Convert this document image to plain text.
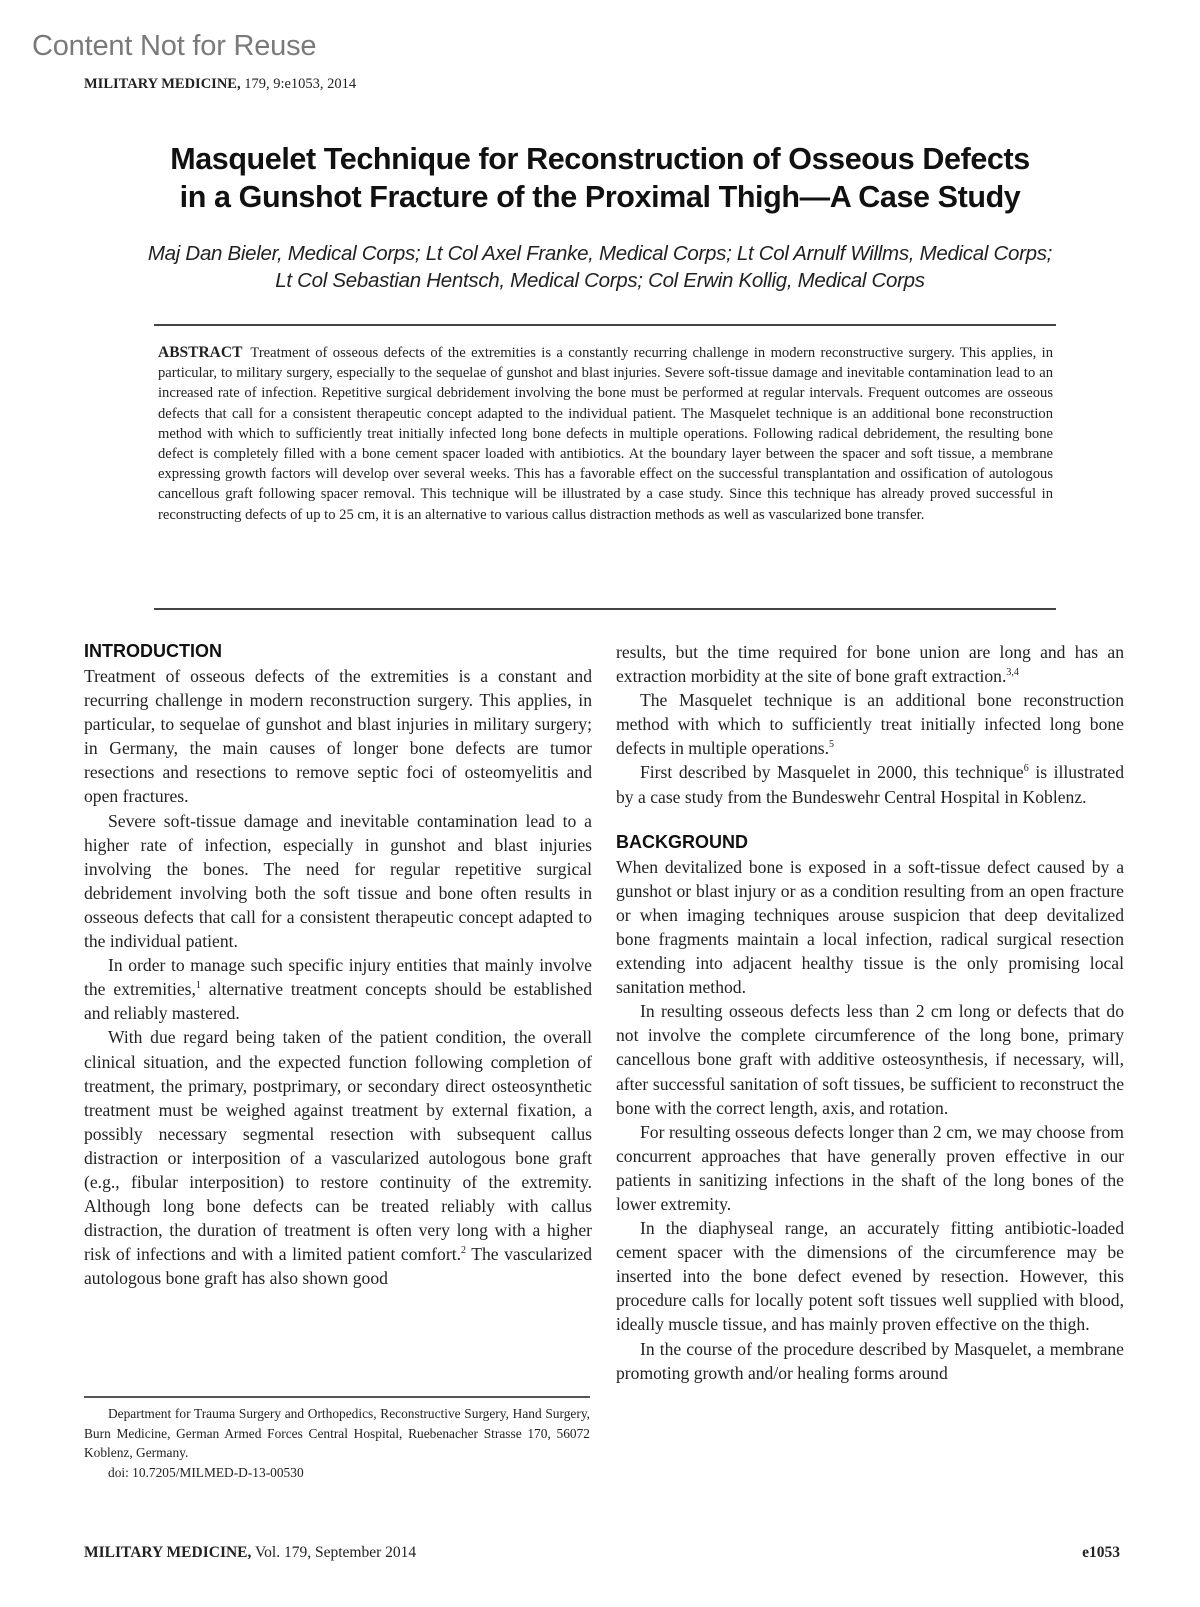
Content Not for Reuse
MILITARY MEDICINE, 179, 9:e1053, 2014
Masquelet Technique for Reconstruction of Osseous Defects
in a Gunshot Fracture of the Proximal Thigh—A Case Study
Maj Dan Bieler, Medical Corps; Lt Col Axel Franke, Medical Corps; Lt Col Arnulf Willms, Medical Corps;
Lt Col Sebastian Hentsch, Medical Corps; Col Erwin Kollig, Medical Corps
ABSTRACT Treatment of osseous defects of the extremities is a constantly recurring challenge in modern reconstructive surgery. This applies, in particular, to military surgery, especially to the sequelae of gunshot and blast injuries. Severe soft-tissue damage and inevitable contamination lead to an increased rate of infection. Repetitive surgical debridement involving the bone must be performed at regular intervals. Frequent outcomes are osseous defects that call for a consistent therapeutic concept adapted to the individual patient. The Masquelet technique is an additional bone reconstruction method with which to sufficiently treat initially infected long bone defects in multiple operations. Following radical debridement, the resulting bone defect is completely filled with a bone cement spacer loaded with antibiotics. At the boundary layer between the spacer and soft tissue, a membrane expressing growth factors will develop over several weeks. This has a favorable effect on the successful transplantation and ossification of autologous cancellous graft following spacer removal. This technique will be illustrated by a case study. Since this technique has already proved successful in reconstructing defects of up to 25 cm, it is an alternative to various callus distraction methods as well as vascularized bone transfer.
INTRODUCTION

Treatment of osseous defects of the extremities is a constant and recurring challenge in modern reconstruction surgery. This applies, in particular, to sequelae of gunshot and blast injuries in military surgery; in Germany, the main causes of longer bone defects are tumor resections and resections to remove septic foci of osteomyelitis and open fractures.

Severe soft-tissue damage and inevitable contamination lead to a higher rate of infection, especially in gunshot and blast injuries involving the bones. The need for regular repetitive surgical debridement involving both the soft tissue and bone often results in osseous defects that call for a consistent therapeutic concept adapted to the individual patient.

In order to manage such specific injury entities that mainly involve the extremities,$^1$ alternative treatment concepts should be established and reliably mastered.

With due regard being taken of the patient condition, the overall clinical situation, and the expected function following completion of treatment, the primary, postprimary, or secondary direct osteosynthetic treatment must be weighed against treatment by external fixation, a possibly necessary segmental resection with subsequent callus distraction or interposition of a vascularized autologous bone graft (e.g., fibular interposition) to restore continuity of the extremity. Although long bone defects can be treated reliably with callus distraction, the duration of treatment is often very long with a higher risk of infections and with a limited patient comfort.$^2$ The vascularized autologous bone graft has also shown good

results, but the time required for bone union are long and has an extraction morbidity at the site of bone graft extraction.$^{3,4}$

The Masquelet technique is an additional bone reconstruction method with which to sufficiently treat initially infected long bone defects in multiple operations.$^5$

First described by Masquelet in 2000, this technique$^6$ is illustrated by a case study from the Bundeswehr Central Hospital in Koblenz.

BACKGROUND

When devitalized bone is exposed in a soft-tissue defect caused by a gunshot or blast injury or as a condition resulting from an open fracture or when imaging techniques arouse suspicion that deep devitalized bone fragments maintain a local infection, radical surgical resection extending into adjacent healthy tissue is the only promising local sanitation method.

In resulting osseous defects less than 2 cm long or defects that do not involve the complete circumference of the long bone, primary cancellous bone graft with additive osteosynthesis, if necessary, will, after successful sanitation of soft tissues, be sufficient to reconstruct the bone with the correct length, axis, and rotation.

For resulting osseous defects longer than 2 cm, we may choose from concurrent approaches that have generally proven effective in our patients in sanitizing infections in the shaft of the long bones of the lower extremity.

In the diaphyseal range, an accurately fitting antibiotic-loaded cement spacer with the dimensions of the circumference may be inserted into the bone defect evened by resection. However, this procedure calls for locally potent soft tissues well supplied with blood, ideally muscle tissue, and has mainly proven effective on the thigh.

In the course of the procedure described by Masquelet, a membrane promoting growth and/or healing forms around

Department for Trauma Surgery and Orthopedics, Reconstructive Surgery, Hand Surgery, Burn Medicine, German Armed Forces Central Hospital, Ruebenacher Strasse 170, 56072 Koblenz, Germany.

doi: 10.7205/MILMED-D-13-00530

MILITARY MEDICINE, Vol. 179, September 2014	e1053
